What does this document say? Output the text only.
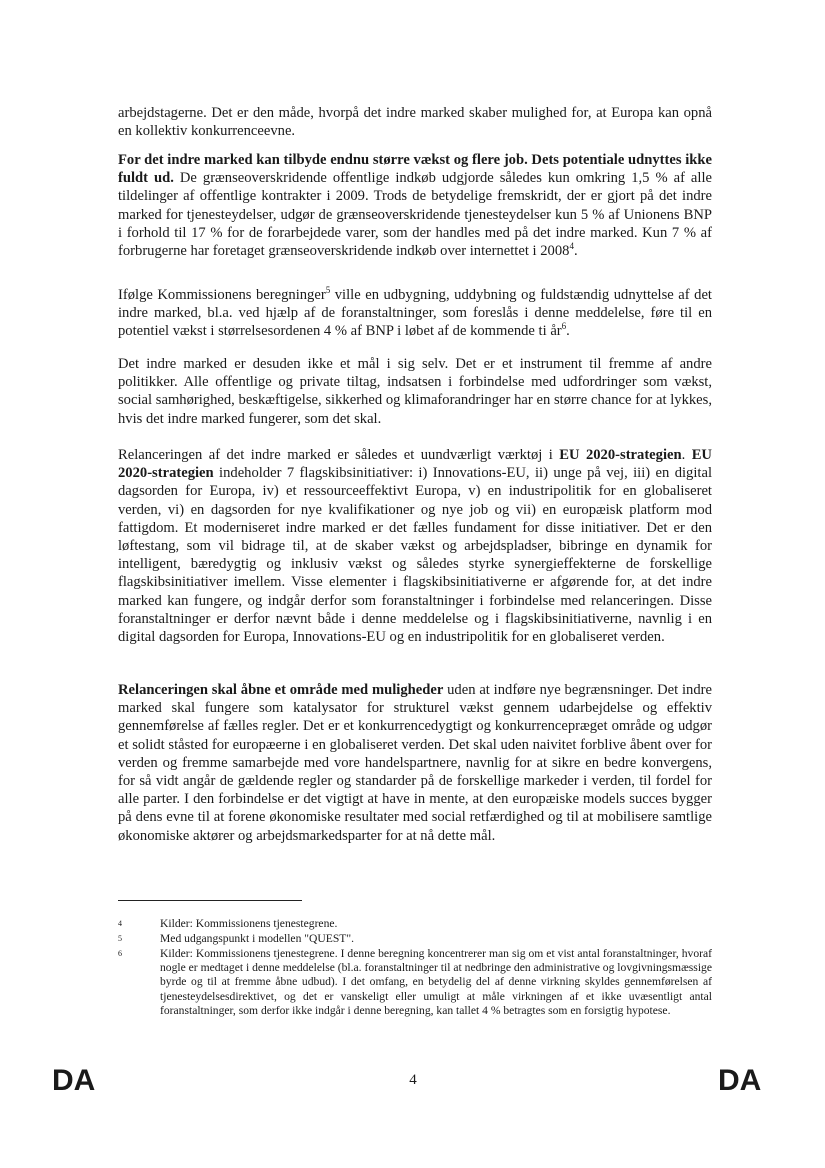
arbejdstagerne. Det er den måde, hvorpå det indre marked skaber mulighed for, at Europa kan opnå en kollektiv konkurrenceevne.

For det indre marked kan tilbyde endnu større vækst og flere job. Dets potentiale udnyttes ikke fuldt ud. De grænseoverskridende offentlige indkøb udgjorde således kun omkring 1,5 % af alle tildelinger af offentlige kontrakter i 2009. Trods de betydelige fremskridt, der er gjort på det indre marked for tjenesteydelser, udgør de grænseoverskridende tjenesteydelser kun 5 % af Unionens BNP i forhold til 17 % for de forarbejdede varer, som der handles med på det indre marked. Kun 7 % af forbrugerne har foretaget grænseoverskridende indkøb over internettet i 2008$^4$.

Ifølge Kommissionens beregninger$^5$ ville en udbygning, uddybning og fuldstændig udnyttelse af det indre marked, bl.a. ved hjælp af de foranstaltninger, som foreslås i denne meddelelse, føre til en potentiel vækst i størrelsesordenen 4 % af BNP i løbet af de kommende ti $år^6$.

Det indre marked er desuden ikke et mål i sig selv. Det er et instrument til fremme af andre politikker. Alle offentlige og private tiltag, indsatsen i forbindelse med udfordringer som vækst, social samhørighed, beskæftigelse, sikkerhed og klimaforandringer har en større chance for at lykkes, hvis det indre marked fungerer, som det skal.

Relanceringen af det indre marked er således et uundværligt værktøj i EU 2020-strategien. EU 2020-strategien indeholder 7 flagskibsinitiativer: i) Innovations-EU, ii) unge på vej, iii) en digital dagsorden for Europa, iv) et ressourceeffektivt Europa, v) en industripolitik for en globaliseret verden, vi) en dagsorden for nye kvalifikationer og nye job og vii) en europæisk platform mod fattigdom. Et moderniseret indre marked er det fælles fundament for disse initiativer. Det er den løftestang, som vil bidrage til, at de skaber vækst og arbejdspladser, bibringe en dynamik for intelligent, bæredygtig og inklusiv vækst og således styrke synergieffekterne de forskellige flagskibsinitiativer imellem. Visse elementer i flagskibsinitiativerne er afgørende for, at det indre marked kan fungere, og indgår derfor som foranstaltninger i forbindelse med relanceringen. Disse foranstaltninger er derfor nævnt både i denne meddelelse og i flagskibsinitiativerne, navnlig i en digital dagsorden for Europa, Innovations-EU og en industripolitik for en globaliseret verden.

Relanceringen skal åbne et område med muligheder uden at indføre nye begrænsninger. Det indre marked skal fungere som katalysator for strukturel vækst gennem udarbejdelse og effektiv gennemførelse af fælles regler. Det er et konkurrencedygtigt og konkurrencepræget område og udgør et solidt ståsted for europæerne i en globaliseret verden. Det skal uden naivitet forblive åbent over for verden og fremme samarbejde med vore handelspartnere, navnlig for at sikre en bedre konvergens, for så vidt angår de gældende regler og standarder på de forskellige markeder i verden, til fordel for alle parter. I den forbindelse er det vigtigt at have in mente, at den europæiske models succes bygger på dens evne til at forene økonomiske resultater med social retfærdighed og til at mobilisere samtlige økonomiske aktører og arbejdsmarkedsparter for at nå dette mål.

4	Kilder: Kommissionens tjenestegrene.
5	Med udgangspunkt i modellen "QUEST".
6	Kilder: Kommissionens tjenestegrene. I denne beregning koncentrerer man sig om et vist antal foranstaltninger, hvoraf nogle er medtaget i denne meddelelse (bl.a. foranstaltninger til at nedbringe den administrative og lovgivningsmæssige byrde og til at fremme åbne udbud). I det omfang, en betydelig del af denne virkning skyldes gennemførelsen af tjenesteydelsesdirektivet, og det er vanskeligt eller umuligt at måle virkningen af et ikke uvæsentligt antal foranstaltninger, som derfor ikke indgår i denne beregning, kan tallet 4 % betragtes som en forsigtig hypotese.
DA	4	DA
